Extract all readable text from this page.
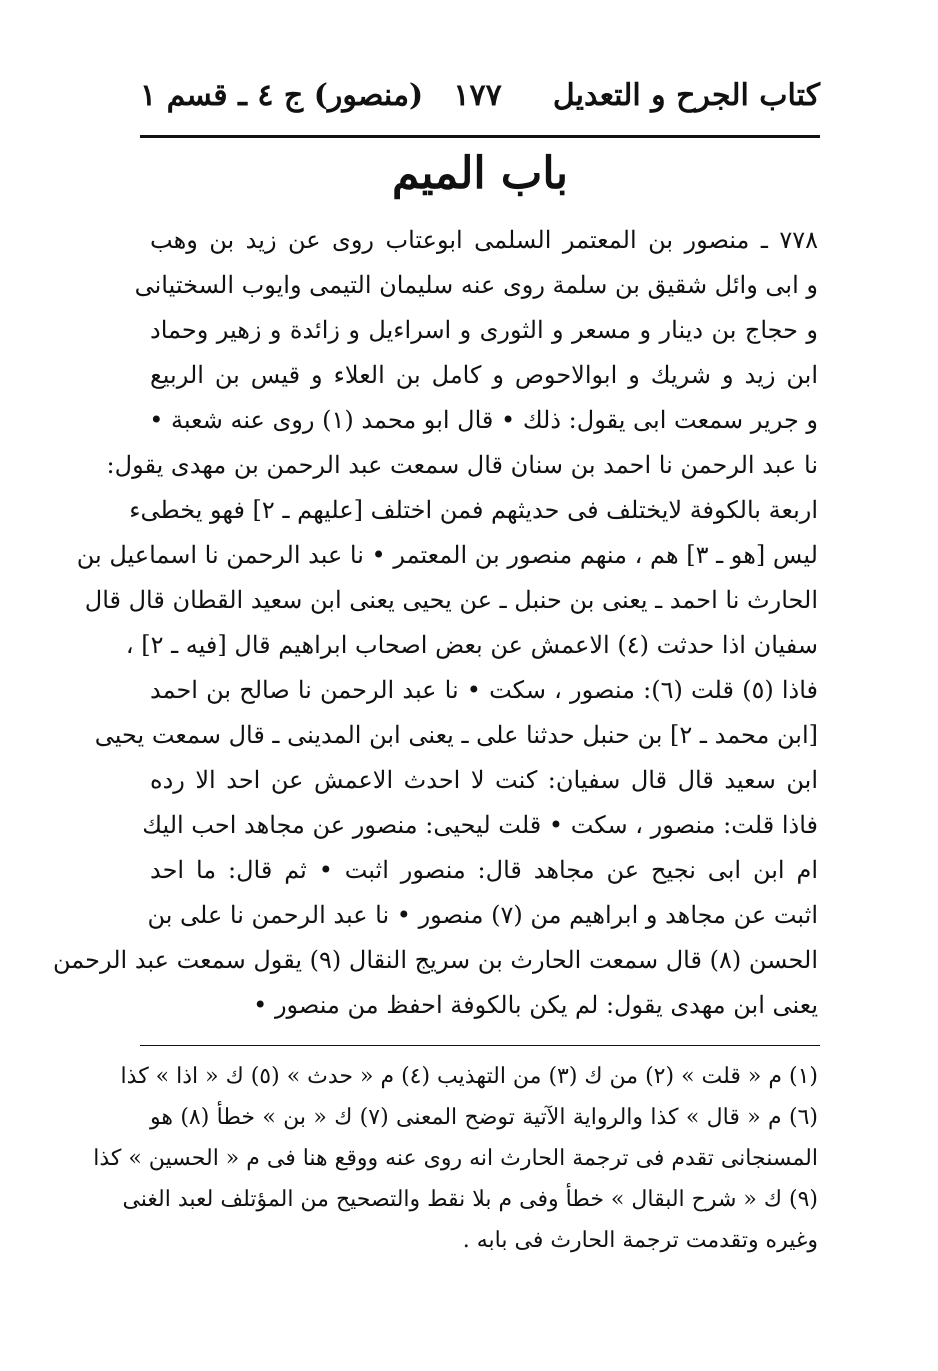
كتاب الجرح و التعديل
١٧٧
(منصور) ج ٤ ـ قسم ١
باب الميم
٧٧٨ ـ منصور بن المعتمر السلمى ابوعتاب روى عن زيد بن وهب
و ابى وائل شقيق بن سلمة روى عنه سليمان التيمى وايوب السختيانى
و حجاج بن دينار و مسعر و الثورى و اسراءيل و زائدة و زهير وحماد
ابن زيد و شريك و ابوالاحوص و كامل بن العلاء و قيس بن الربيع
و جرير سمعت ابى يقول: ذلك • قال ابو محمد (١) روى عنه شعبة •
نا عبد الرحمن نا احمد بن سنان قال سمعت عبد الرحمن بن مهدى يقول:
اربعة بالكوفة لايختلف فى حديثهم فمن اختلف [عليهم ـ ٢] فهو يخطىء
ليس [هو ـ ٣] هم ، منهم منصور بن المعتمر • نا عبد الرحمن نا اسماعيل بن
الحارث نا احمد ـ يعنى بن حنبل ـ عن يحيى يعنى ابن سعيد القطان قال قال
سفيان اذا حدثت (٤) الاعمش عن بعض اصحاب ابراهيم قال [فيه ـ ٢] ،
فاذا (٥) قلت (٦): منصور ، سكت • نا عبد الرحمن نا صالح بن احمد
[ابن محمد ـ ٢] بن حنبل حدثنا على ـ يعنى ابن المدينى ـ قال سمعت يحيى
ابن سعيد قال قال سفيان: كنت لا احدث الاعمش عن احد الا رده
فاذا قلت: منصور ، سكت • قلت ليحيى: منصور عن مجاهد احب اليك
ام ابن ابى نجيح عن مجاهد قال: منصور اثبت • ثم قال: ما احد
اثبت عن مجاهد و ابراهيم من (٧) منصور • نا عبد الرحمن نا على بن
الحسن (٨) قال سمعت الحارث بن سريج النقال (٩) يقول سمعت عبد الرحمن
يعنى ابن مهدى يقول: لم يكن بالكوفة احفظ من منصور •
(١) م « قلت » (٢) من ك (٣) من التهذيب (٤) م « حدث » (٥) ك « اذا » كذا
(٦) م « قال » كذا والرواية الآتية توضح المعنى (٧) ك « بن » خطأ (٨) هو
المسنجانى تقدم فى ترجمة الحارث انه روى عنه ووقع هنا فى م « الحسين » كذا
(٩) ك « شرح البقال » خطأ وفى م بلا نقط والتصحيح من المؤتلف لعبد الغنى
وغيره وتقدمت ترجمة الحارث فى بابه .
